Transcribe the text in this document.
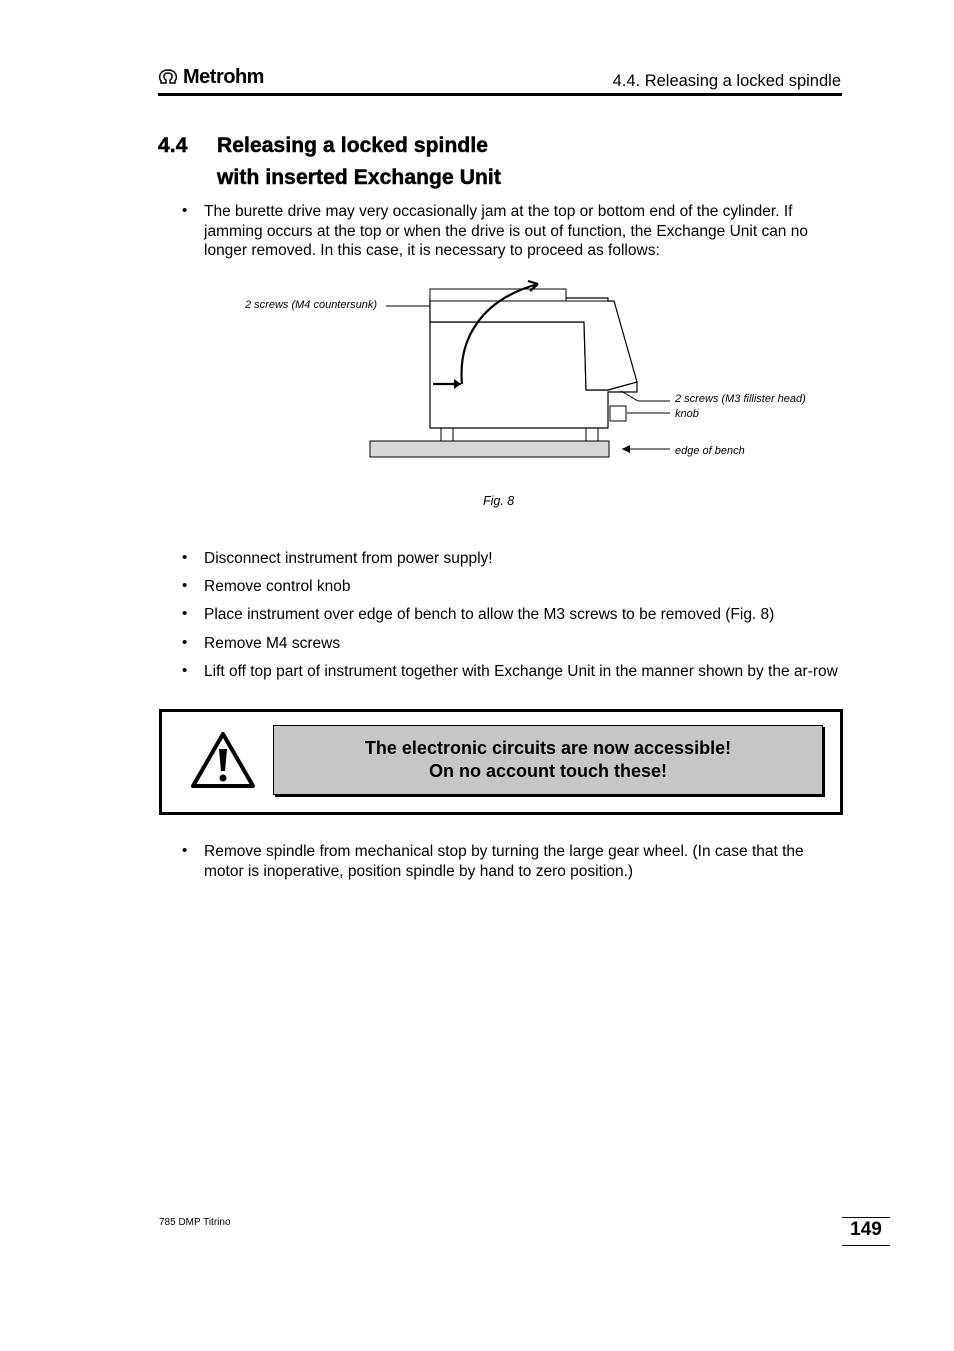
Metrohm	4.4. Releasing a locked spindle
4.4 Releasing a locked spindle
with inserted Exchange Unit
• The burette drive may very occasionally jam at the top or bottom end of the cylinder. If jamming occurs at the top or when the drive is out of function, the Exchange Unit can no longer removed. In this case, it is necessary to proceed as follows:
2 screws (M4 countersunk)
2 screws (M3 fillister head)
knob
edge of bench
Fig. 8
• Disconnect instrument from power supply!
• Remove control knob
• Place instrument over edge of bench to allow the M3 screws to be removed (Fig. 8)
• Remove M4 screws
• Lift off top part of instrument together with Exchange Unit in the manner shown by the ar-row
The electronic circuits are now accessible!
On no account touch these!
• Remove spindle from mechanical stop by turning the large gear wheel. (In case that the motor is inoperative, position spindle by hand to zero position.)
785 DMP Titrino	149
